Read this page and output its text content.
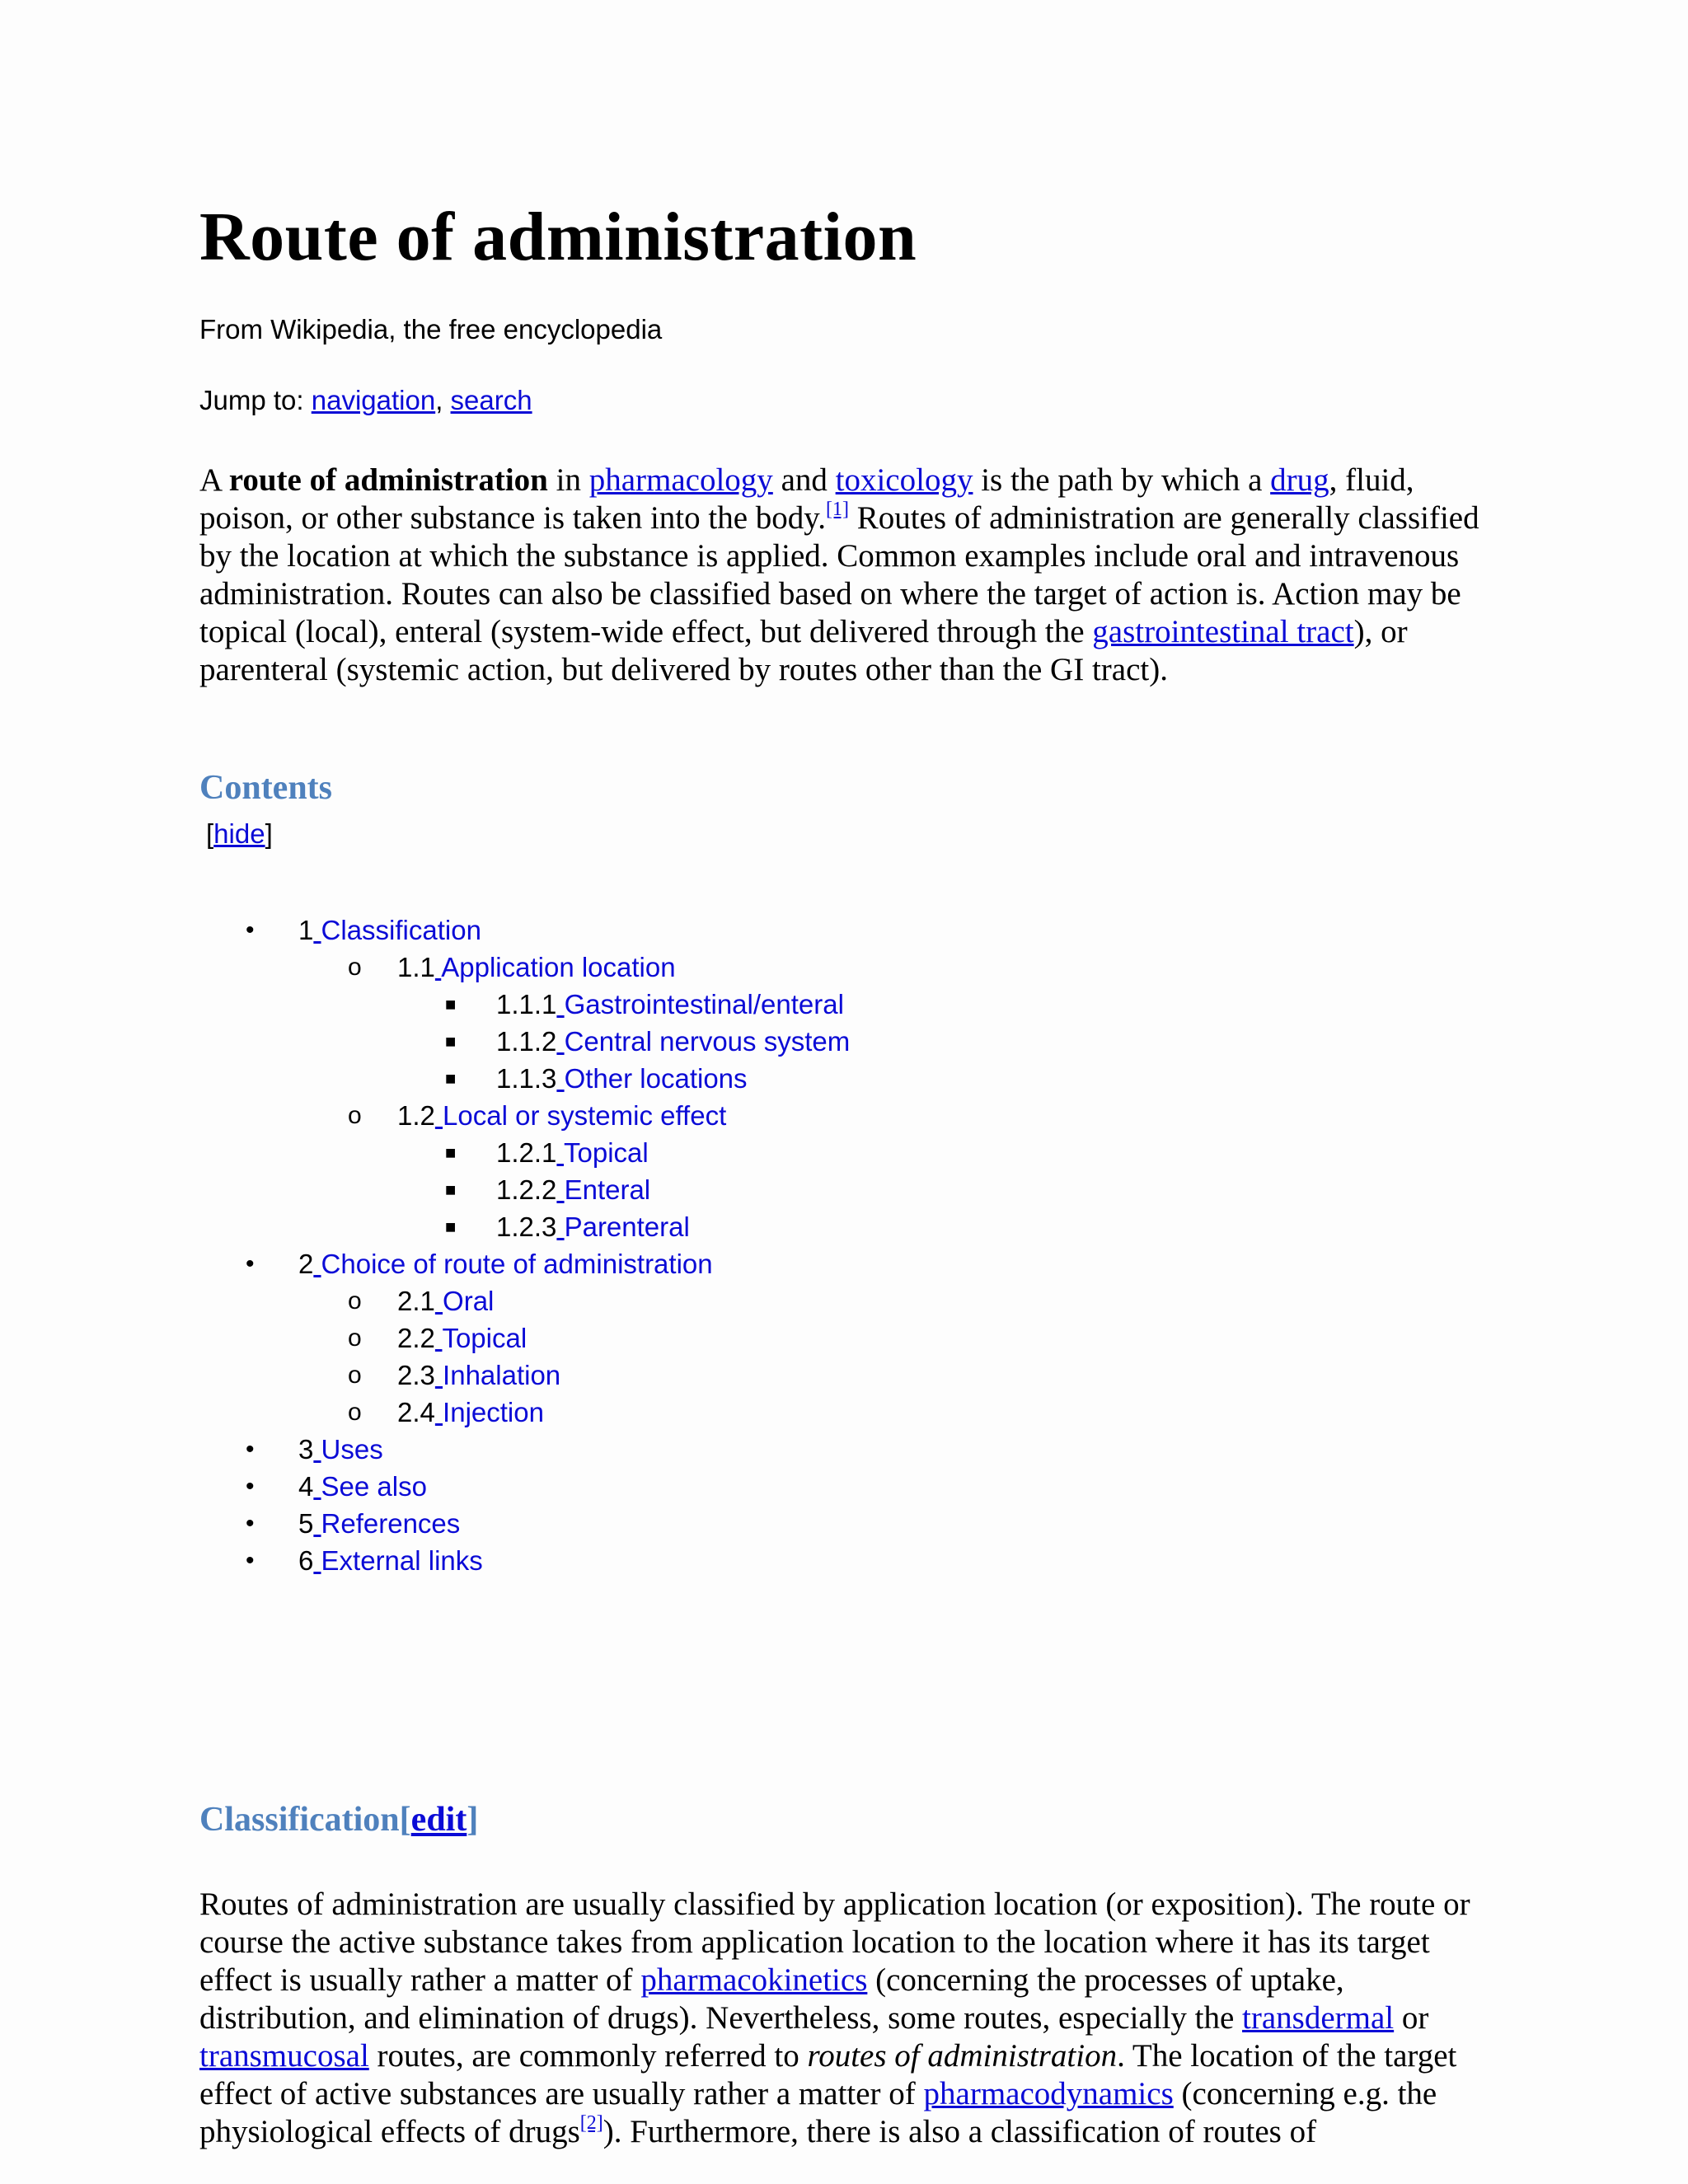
Route of administration
From Wikipedia, the free encyclopedia
Jump to: navigation, search

A route of administration in pharmacology and toxicology is the path by which a drug, fluid, poison, or other substance is taken into the body.[1] Routes of administration are generally classified by the location at which the substance is applied. Common examples include oral and intravenous administration. Routes can also be classified based on where the target of action is. Action may be topical (local), enteral (system-wide effect, but delivered through the gastrointestinal tract), or parenteral (systemic action, but delivered by routes other than the GI tract).

Contents
[hide]
• 1 Classification
o 1.1 Application location
■ 1.1.1 Gastrointestinal/enteral
■ 1.1.2 Central nervous system
■ 1.1.3 Other locations
o 1.2 Local or systemic effect
■ 1.2.1 Topical
■ 1.2.2 Enteral
■ 1.2.3 Parenteral
• 2 Choice of route of administration
o 2.1 Oral
o 2.2 Topical
o 2.3 Inhalation
o 2.4 Injection
• 3 Uses
• 4 See also
• 5 References
• 6 External links
Classification[edit]

Routes of administration are usually classified by application location (or exposition). The route or course the active substance takes from application location to the location where it has its target effect is usually rather a matter of pharmacokinetics (concerning the processes of uptake, distribution, and elimination of drugs). Nevertheless, some routes, especially the transdermal or transmucosal routes, are commonly referred to routes of administration. The location of the target effect of active substances are usually rather a matter of pharmacodynamics (concerning e.g. the physiological effects of drugs[2]). Furthermore, there is also a classification of routes of
